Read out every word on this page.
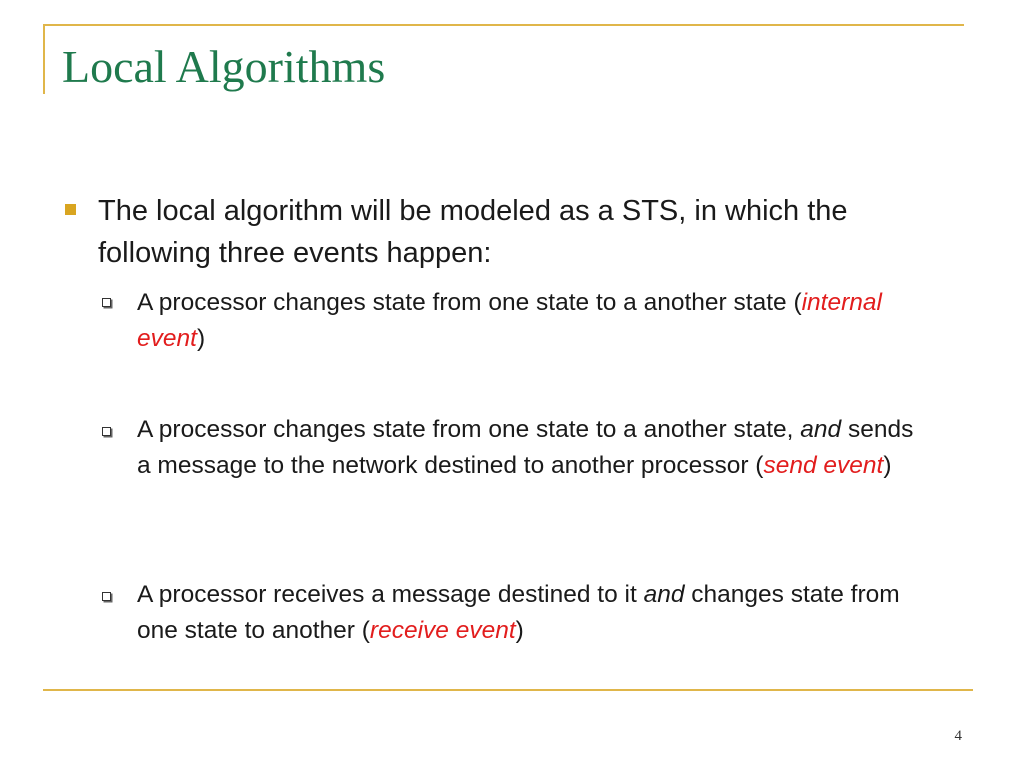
Local Algorithms
The local algorithm will be modeled as a STS, in which the following three events happen:
A processor changes state from one state to a another state (internal event)
A processor changes state from one state to a another state, and sends a message to the network destined to another processor (send event)
A processor receives a message destined to it and changes state from one state to another (receive event)
4
